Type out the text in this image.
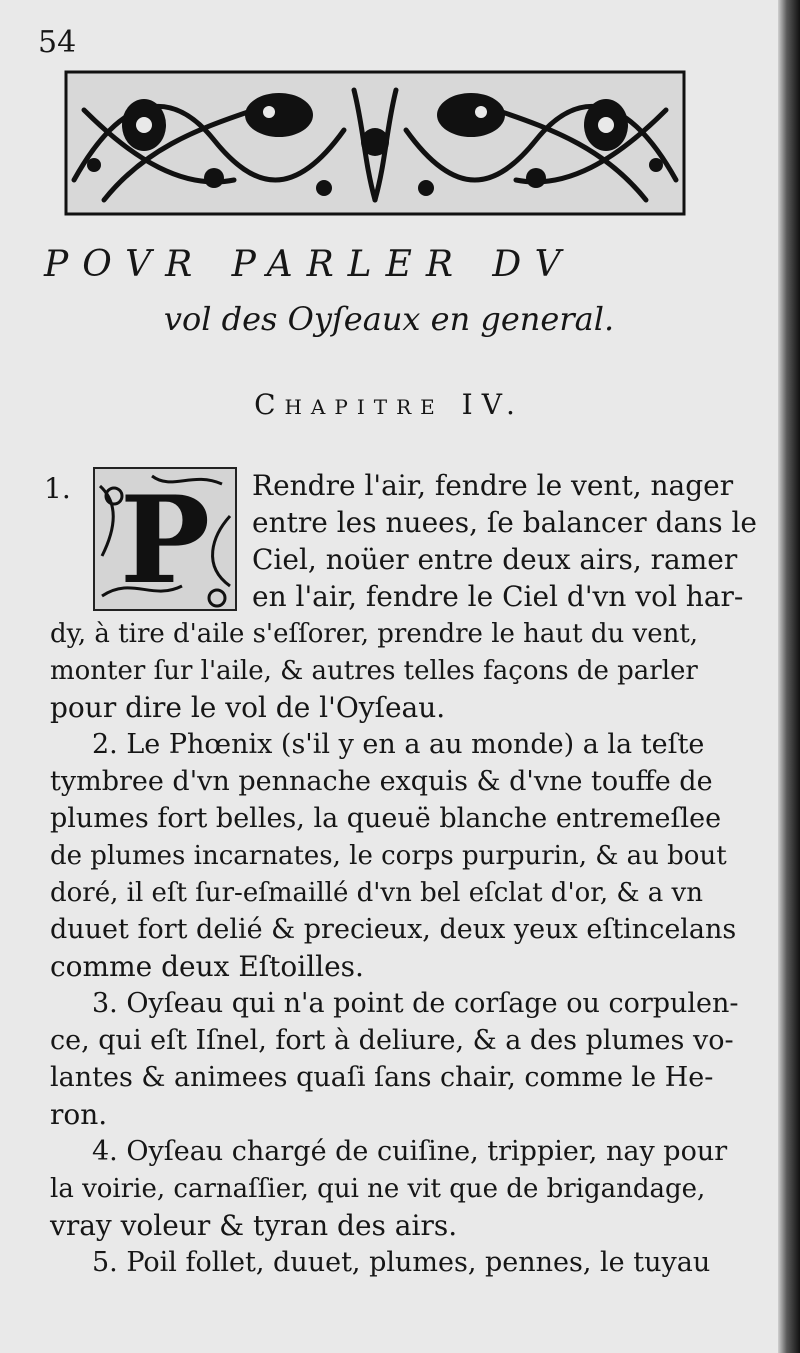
54
POVR PARLER DV
vol des Oyſeaux en general.
Chapitre IV.
1. P Rendre l'air, fendre le vent, nager
entre les nuees, ſe balancer dans le
Ciel, noüer entre deux airs, ramer
en l'air, fendre le Ciel d'vn vol har-
dy, à tire d'aile s'eſſorer, prendre le haut du vent,
monter ſur l'aile, & autres telles façons de parler
pour dire le vol de l'Oyſeau.
2. Le Phœnix (s'il y en a au monde) a la teſte
tymbree d'vn pennache exquis & d'vne touffe de
plumes fort belles, la queuë blanche entremeſlee
de plumes incarnates, le corps purpurin, & au bout
doré, il eſt ſur-eſmaillé d'vn bel eſclat d'or, & a vn
duuet fort delié & precieux, deux yeux eſtincelans
comme deux Eſtoilles.
3. Oyſeau qui n'a point de corſage ou corpulen-
ce, qui eſt Iſnel, fort à deliure, & a des plumes vo-
lantes & animees quaſi ſans chair, comme le He-
ron.
4. Oyſeau chargé de cuiſine, trippier, nay pour
la voirie, carnaſſier, qui ne vit que de brigandage,
vray voleur & tyran des airs.
5. Poil follet, duuet, plumes, pennes, le tuyau
